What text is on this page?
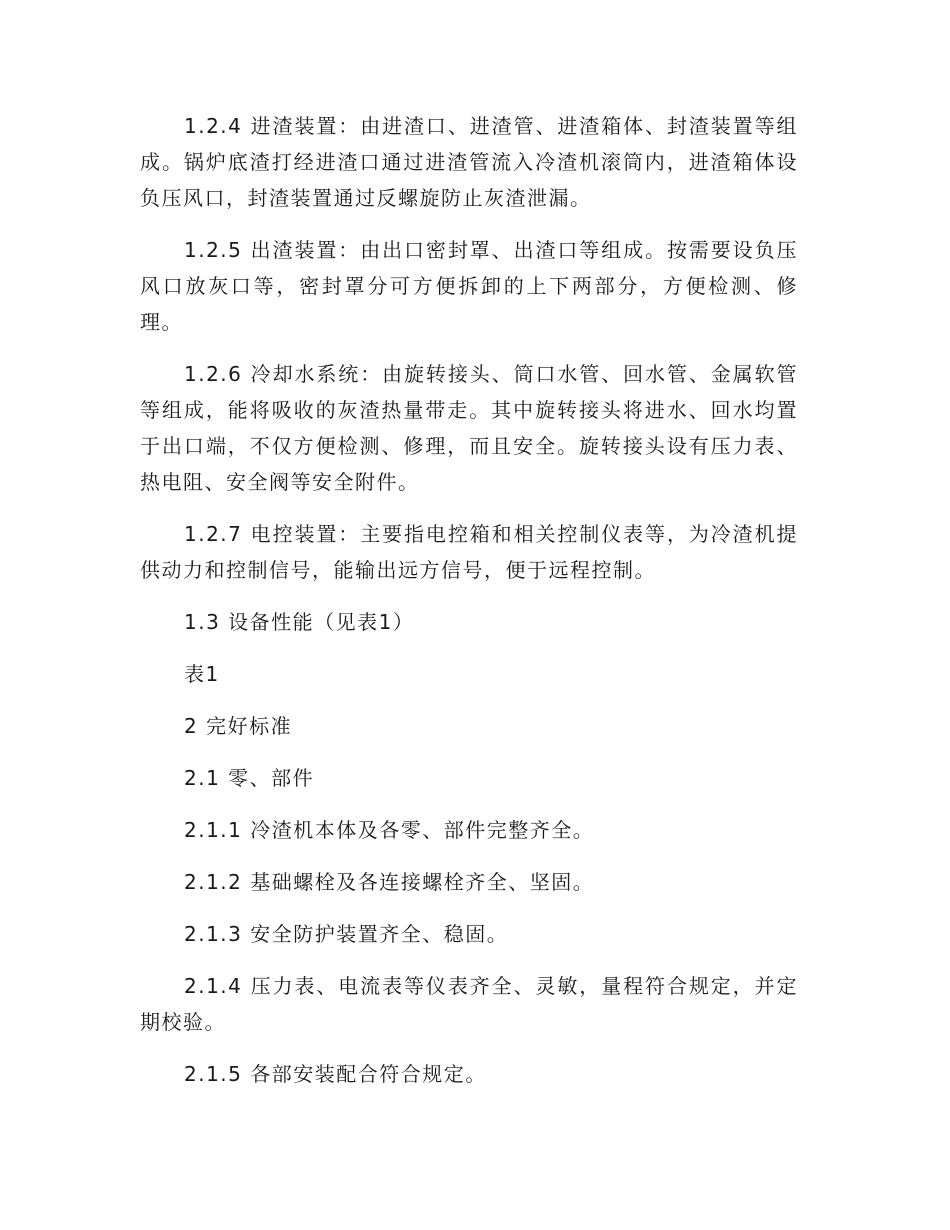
1.2.4 进渣装置：由进渣口、进渣管、进渣箱体、封渣装置等组成。锅炉底渣打经进渣口通过进渣管流入冷渣机滚筒内，进渣箱体设负压风口，封渣装置通过反螺旋防止灰渣泄漏。

1.2.5 出渣装置：由出口密封罩、出渣口等组成。按需要设负压风口放灰口等，密封罩分可方便拆卸的上下两部分，方便检测、修理。

1.2.6 冷却水系统：由旋转接头、筒口水管、回水管、金属软管等组成，能将吸收的灰渣热量带走。其中旋转接头将进水、回水均置于出口端，不仅方便检测、修理，而且安全。旋转接头设有压力表、热电阻、安全阀等安全附件。

1.2.7 电控装置：主要指电控箱和相关控制仪表等，为冷渣机提供动力和控制信号，能输出远方信号，便于远程控制。

1.3 设备性能（见表1）

表1

2 完好标准

2.1 零、部件

2.1.1 冷渣机本体及各零、部件完整齐全。

2.1.2 基础螺栓及各连接螺栓齐全、坚固。

2.1.3 安全防护装置齐全、稳固。

2.1.4 压力表、电流表等仪表齐全、灵敏，量程符合规定，并定期校验。

2.1.5 各部安装配合符合规定。
